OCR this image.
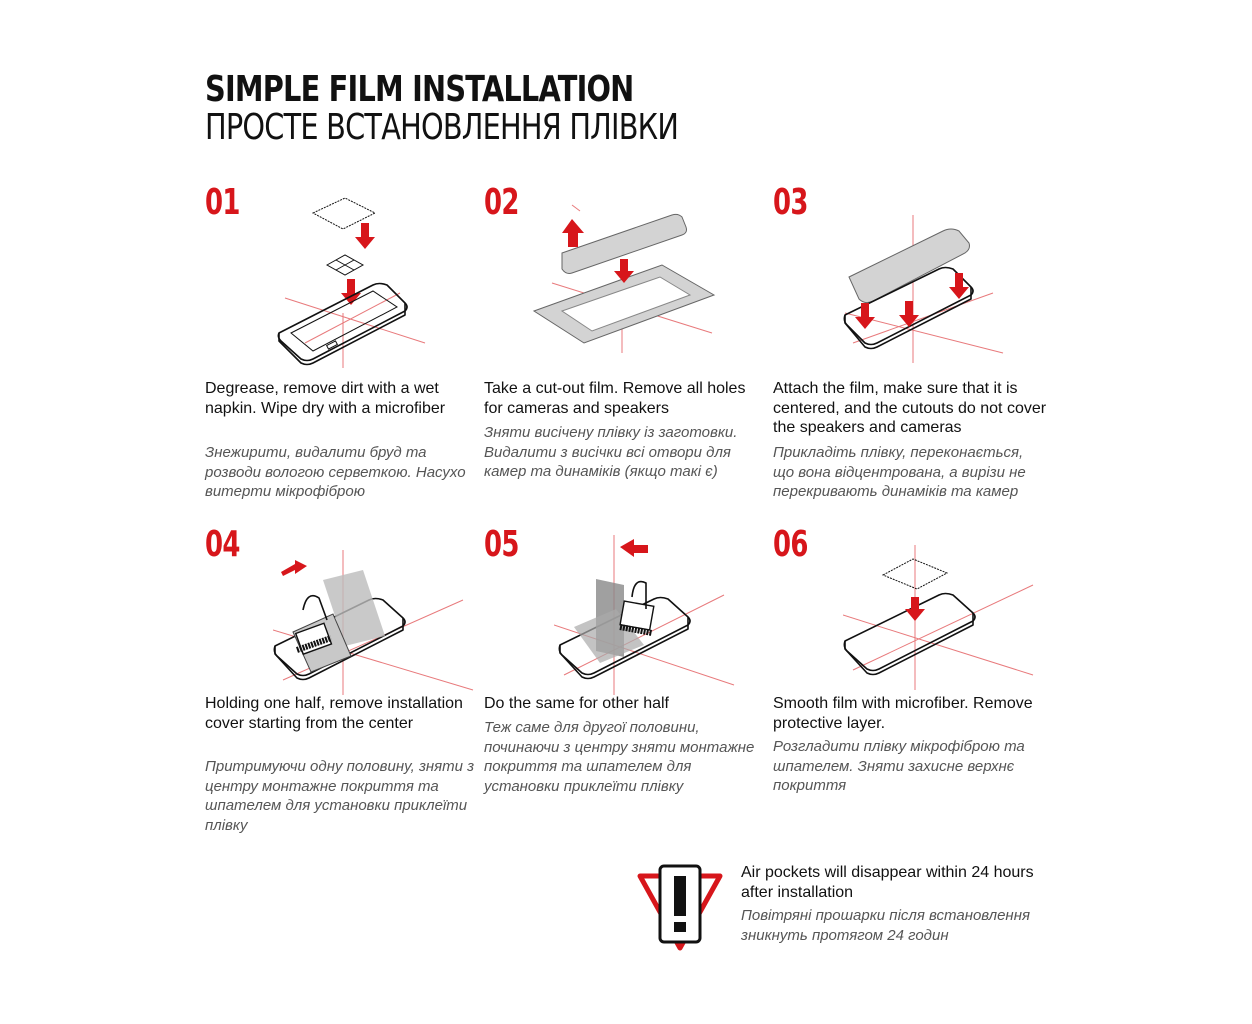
SIMPLE FILM INSTALLATION
ПРОСТЕ ВСТАНОВЛЕННЯ ПЛІВКИ
01

Degrease, remove dirt with a wet napkin. Wipe dry with a microfiber

Знежирити, видалити бруд та розводи вологою серветкою. Насухо витерти мікрофіброю

02

Take a cut-out film. Remove all holes for cameras and speakers

Зняти висічену плівку із заготовки. Видалити з висічки всі отвори для камер та динаміків (якщо такі є)

03

Attach the film, make sure that it is centered, and the cutouts do not cover the speakers and cameras

Прикладіть плівку, переконається, що вона відцентрована, а вирізи не перекривають динаміків та камер

04

Holding one half, remove installation cover starting from the center

Притримуючи одну половину, зняти з центру монтажне покриття та шпателем для установки приклеїти плівку

05

Do the same for other half

Теж саме для другої половини, починаючи з центру зняти монтажне покриття та шпателем для установки приклеїти плівку

06

Smooth film with microfiber. Remove protective layer.

Розгладити плівку мікрофіброю та шпателем. Зняти захисне верхнє покриття

Air pockets will disappear within 24 hours after installation

Повітряні прошарки після встановлення зникнуть протягом 24 годин
